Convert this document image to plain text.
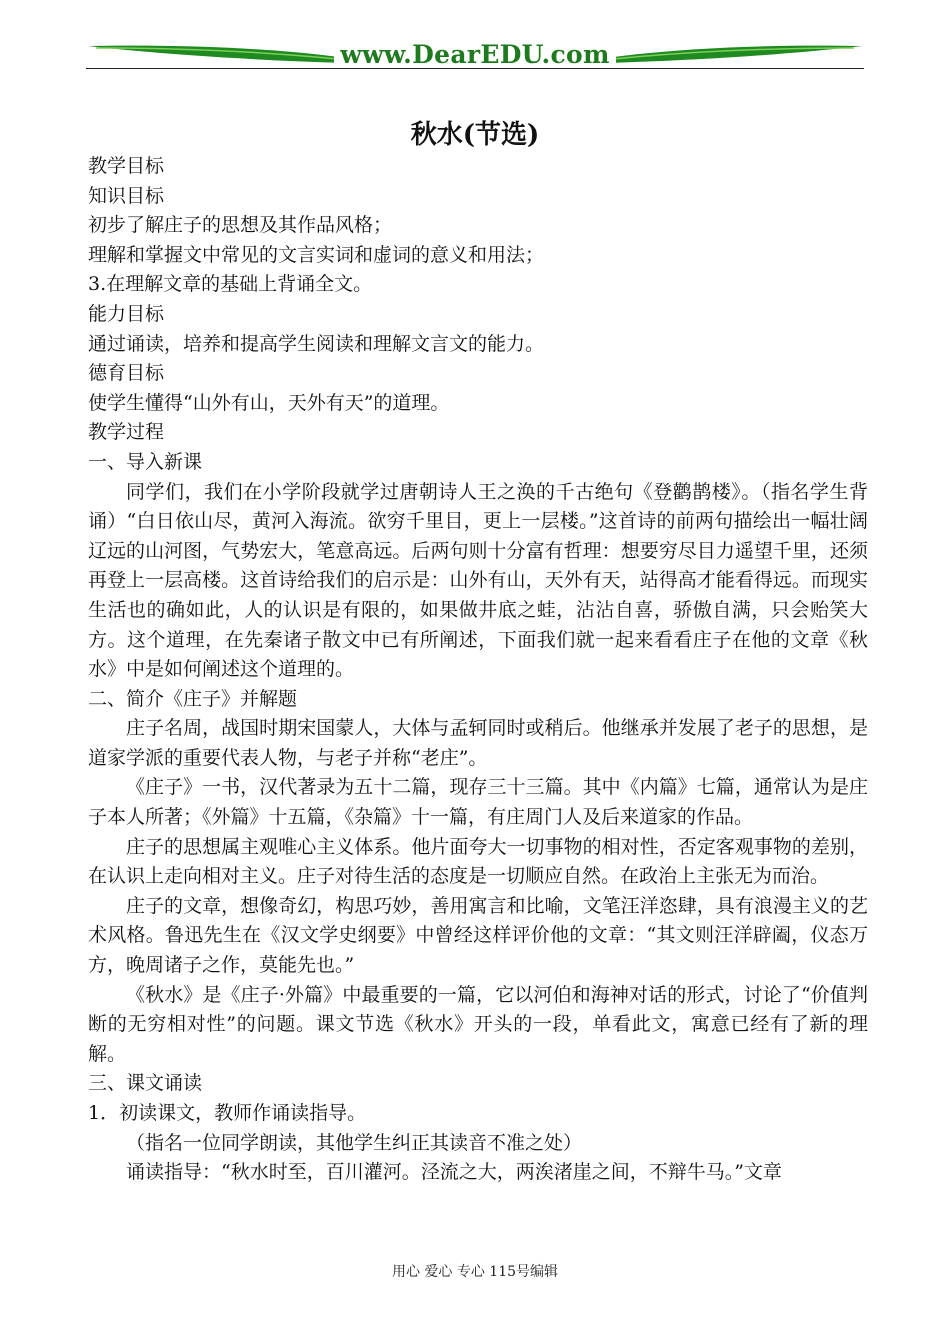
www.DearEDU.com
秋水(节选)

教学目标

知识目标

初步了解庄子的思想及其作品风格；

理解和掌握文中常见的文言实词和虚词的意义和用法；

3.在理解文章的基础上背诵全文。

能力目标

通过诵读，培养和提高学生阅读和理解文言文的能力。

德育目标

使学生懂得“山外有山，天外有天”的道理。

教学过程

一、导入新课

同学们，我们在小学阶段就学过唐朝诗人王之涣的千古绝句《登鹳鹊楼》。（指名学生背诵）“白日依山尽，黄河入海流。欲穷千里目，更上一层楼。”这首诗的前两句描绘出一幅壮阔辽远的山河图，气势宏大，笔意高远。后两句则十分富有哲理：想要穷尽目力遥望千里，还须再登上一层高楼。这首诗给我们的启示是：山外有山，天外有天，站得高才能看得远。而现实生活也的确如此，人的认识是有限的，如果做井底之蛙，沾沾自喜，骄傲自满，只会贻笑大方。这个道理，在先秦诸子散文中已有所阐述，下面我们就一起来看看庄子在他的文章《秋水》中是如何阐述这个道理的。

二、简介《庄子》并解题

庄子名周，战国时期宋国蒙人，大体与孟轲同时或稍后。他继承并发展了老子的思想，是道家学派的重要代表人物，与老子并称“老庄”。

《庄子》一书，汉代著录为五十二篇，现存三十三篇。其中《内篇》七篇，通常认为是庄子本人所著；《外篇》十五篇，《杂篇》十一篇，有庄周门人及后来道家的作品。

庄子的思想属主观唯心主义体系。他片面夸大一切事物的相对性，否定客观事物的差别，在认识上走向相对主义。庄子对待生活的态度是一切顺应自然。在政治上主张无为而治。

庄子的文章，想像奇幻，构思巧妙，善用寓言和比喻，文笔汪洋恣肆，具有浪漫主义的艺术风格。鲁迅先生在《汉文学史纲要》中曾经这样评价他的文章：“其文则汪洋辟阖，仪态万方，晚周诸子之作，莫能先也。”

《秋水》是《庄子·外篇》中最重要的一篇，它以河伯和海神对话的形式，讨论了“价值判断的无穷相对性”的问题。课文节选《秋水》开头的一段，单看此文，寓意已经有了新的理解。

三、课文诵读

1．初读课文，教师作诵读指导。

（指名一位同学朗读，其他学生纠正其读音不准之处）

诵读指导：“秋水时至，百川灌河。泾流之大，两涘渚崖之间，不辩牛马。”文章

用心 爱心 专心 115号编辑
